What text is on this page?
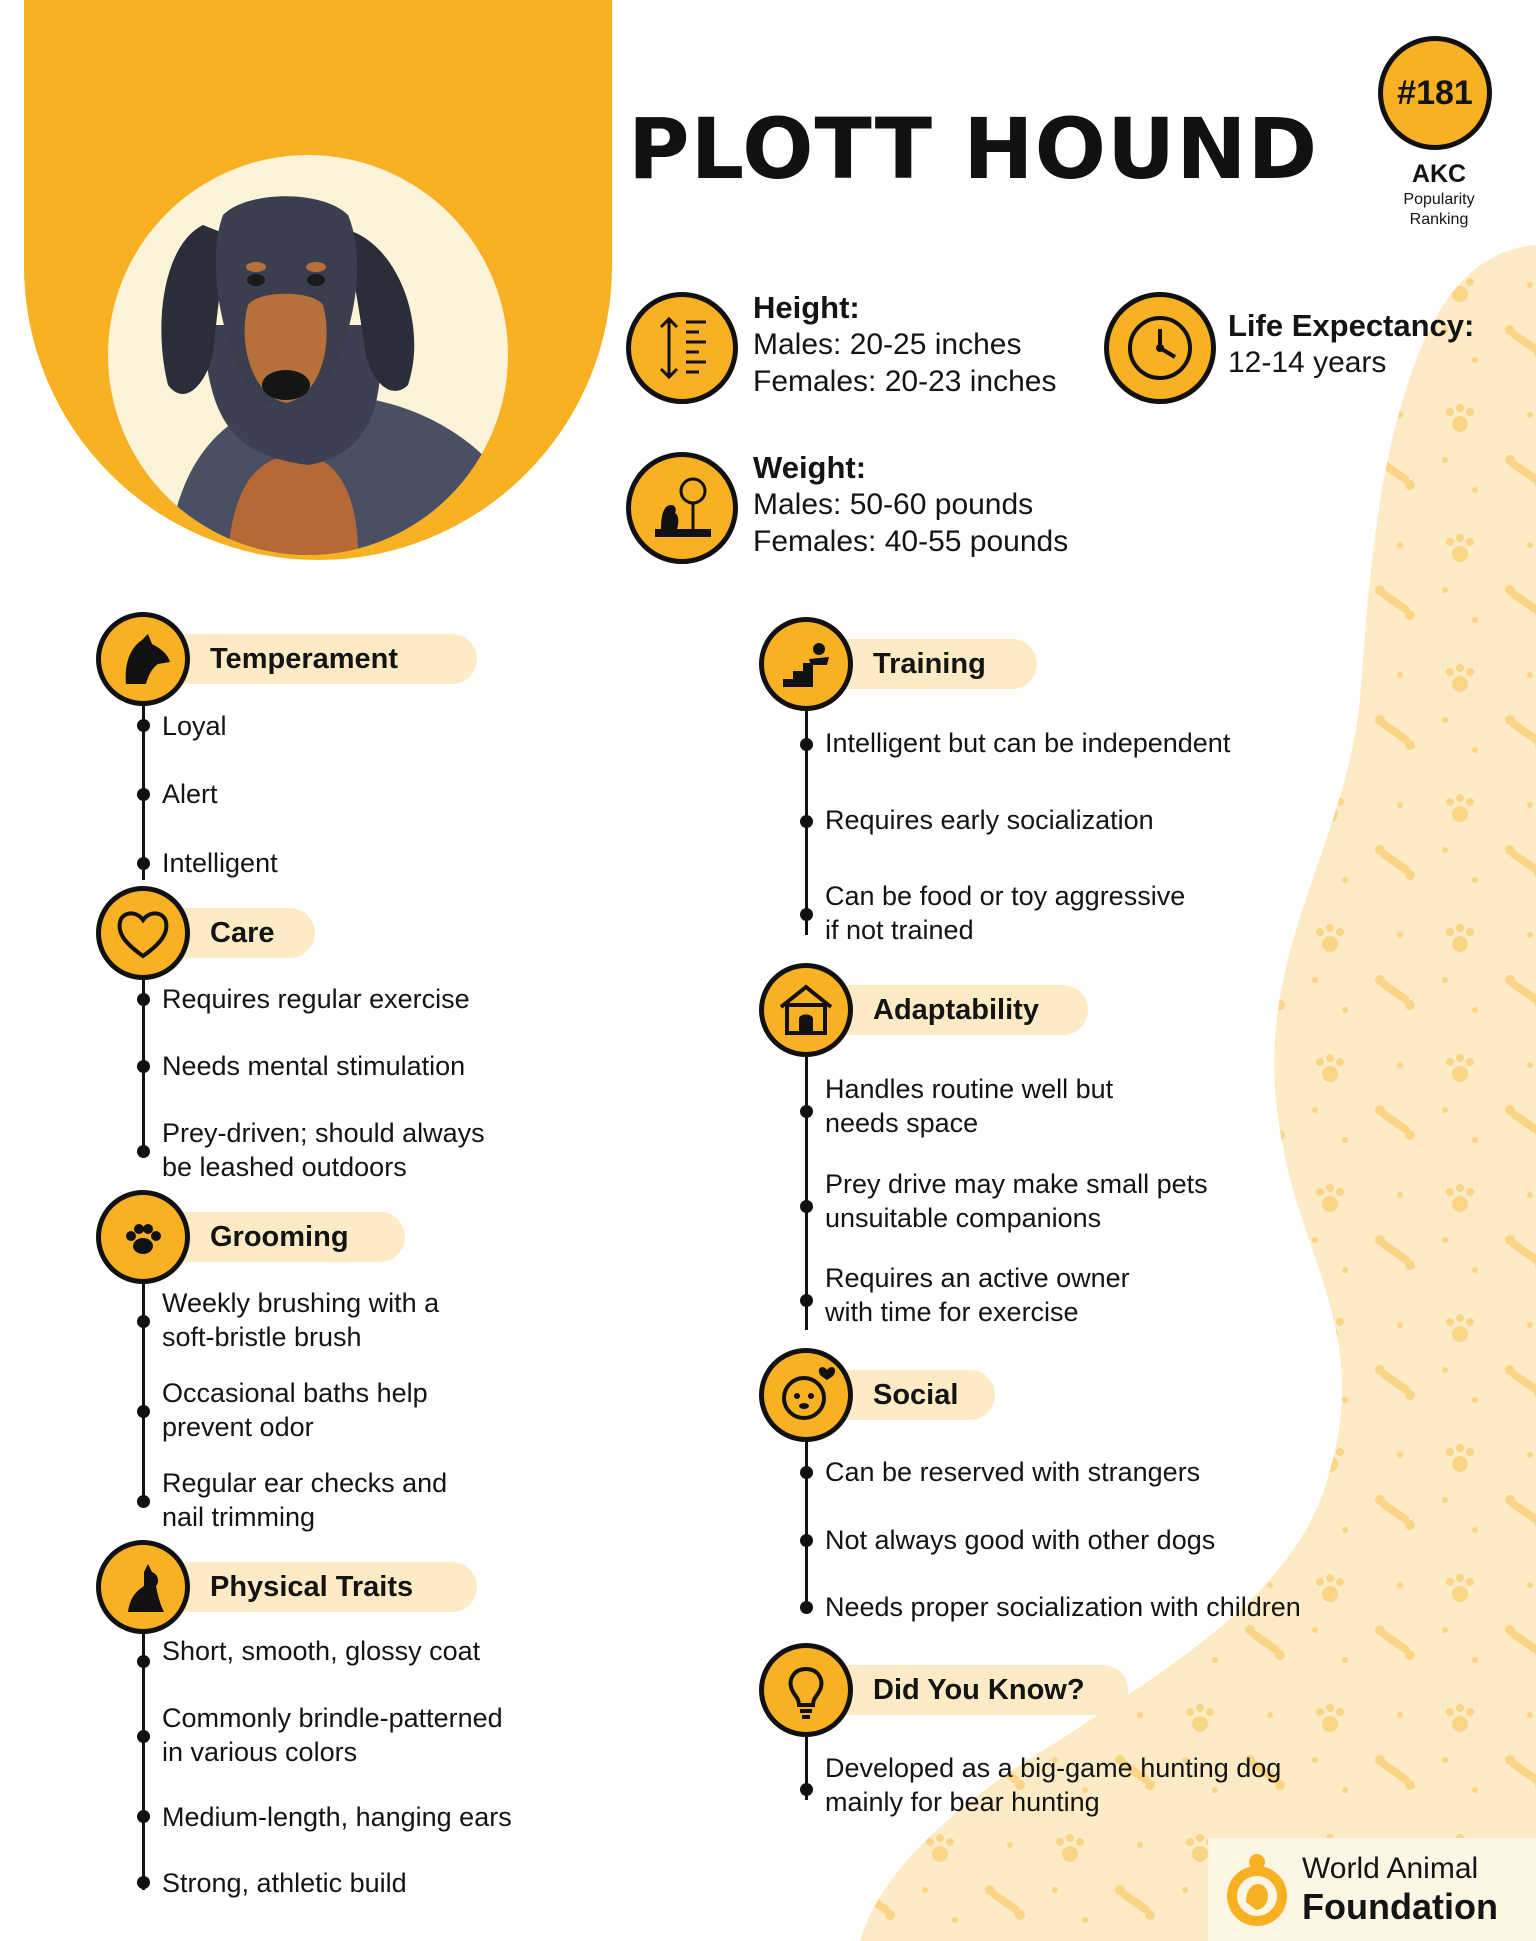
PLOTT HOUND
#181
AKC
Popularity
Ranking
Height:
Males: 20-25 inches
Females: 20-23 inches
Life Expectancy:
12-14 years
Weight:
Males: 50-60 pounds
Females: 40-55 pounds
Temperament
Loyal
Alert
Intelligent
Care
Requires regular exercise
Needs mental stimulation
Prey-driven; should always
be leashed outdoors
Grooming
Weekly brushing with a
soft-bristle brush
Occasional baths help
prevent odor
Regular ear checks and
nail trimming
Physical Traits
Short, smooth, glossy coat
Commonly brindle-patterned
in various colors
Medium-length, hanging ears
Strong, athletic build
Training
Intelligent but can be independent
Requires early socialization
Can be food or toy aggressive
if not trained
Adaptability
Handles routine well but
needs space
Prey drive may make small pets
unsuitable companions
Requires an active owner
with time for exercise
Social
Can be reserved with strangers
Not always good with other dogs
Needs proper socialization with children
Did You Know?
Developed as a big-game hunting dog
mainly for bear hunting
World Animal
Foundation
